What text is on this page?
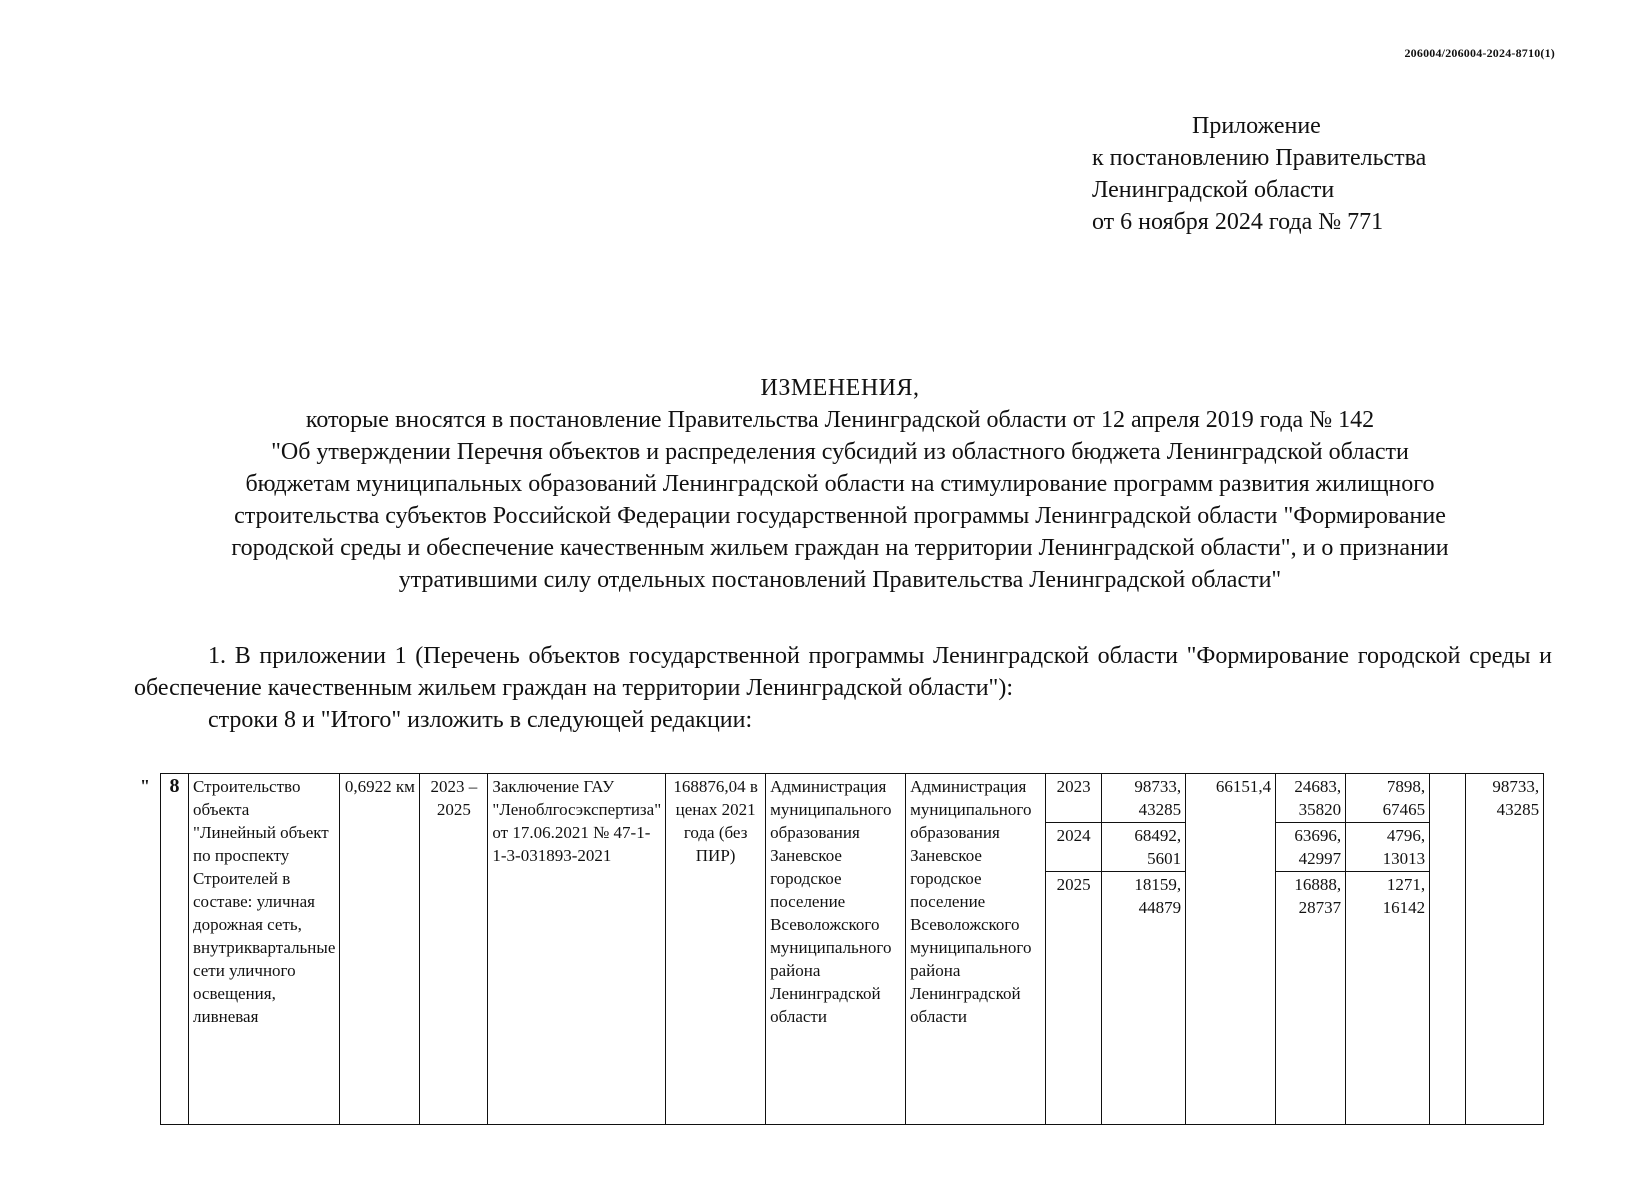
206004/206004-2024-8710(1)
Приложение
к постановлению Правительства
Ленинградской области
от 6 ноября 2024 года № 771
ИЗМЕНЕНИЯ,
которые вносятся в постановление Правительства Ленинградской области от 12 апреля 2019 года № 142
"Об утверждении Перечня объектов и распределения субсидий из областного бюджета Ленинградской области
бюджетам муниципальных образований Ленинградской области на стимулирование программ развития жилищного
строительства субъектов Российской Федерации государственной программы Ленинградской области "Формирование
городской среды и обеспечение качественным жильем граждан на территории Ленинградской области", и о признании
утратившими силу отдельных постановлений Правительства Ленинградской области"
1. В приложении 1 (Перечень объектов государственной программы Ленинградской области "Формирование городской среды и обеспечение качественным жильем граждан на территории Ленинградской области"):
строки 8 и "Итого" изложить в следующей редакции:
" 8	Строительство объекта "Линейный объект по проспекту Строителей в составе: уличная дорожная сеть, внутриквартальные сети уличного освещения, ливневая	0,6922 км	2023 – 2025	Заключение ГАУ "Леноблгосэкспертиза" от 17.06.2021 № 47-1-1-3-031893-2021	168876,04 в ценах 2021 года (без ПИР)	Администрация муниципального образования Заневское городское поселение Всеволожского муниципального района Ленинградской области	Администрация муниципального образования Заневское городское поселение Всеволожского муниципального района Ленинградской области	2023	98733, 43285	66151,4	24683, 35820	7898, 67465		98733, 43285
								2024	68492, 5601		63696, 42997	4796, 13013		
								2025	18159, 44879		16888, 28737	1271, 16142		
